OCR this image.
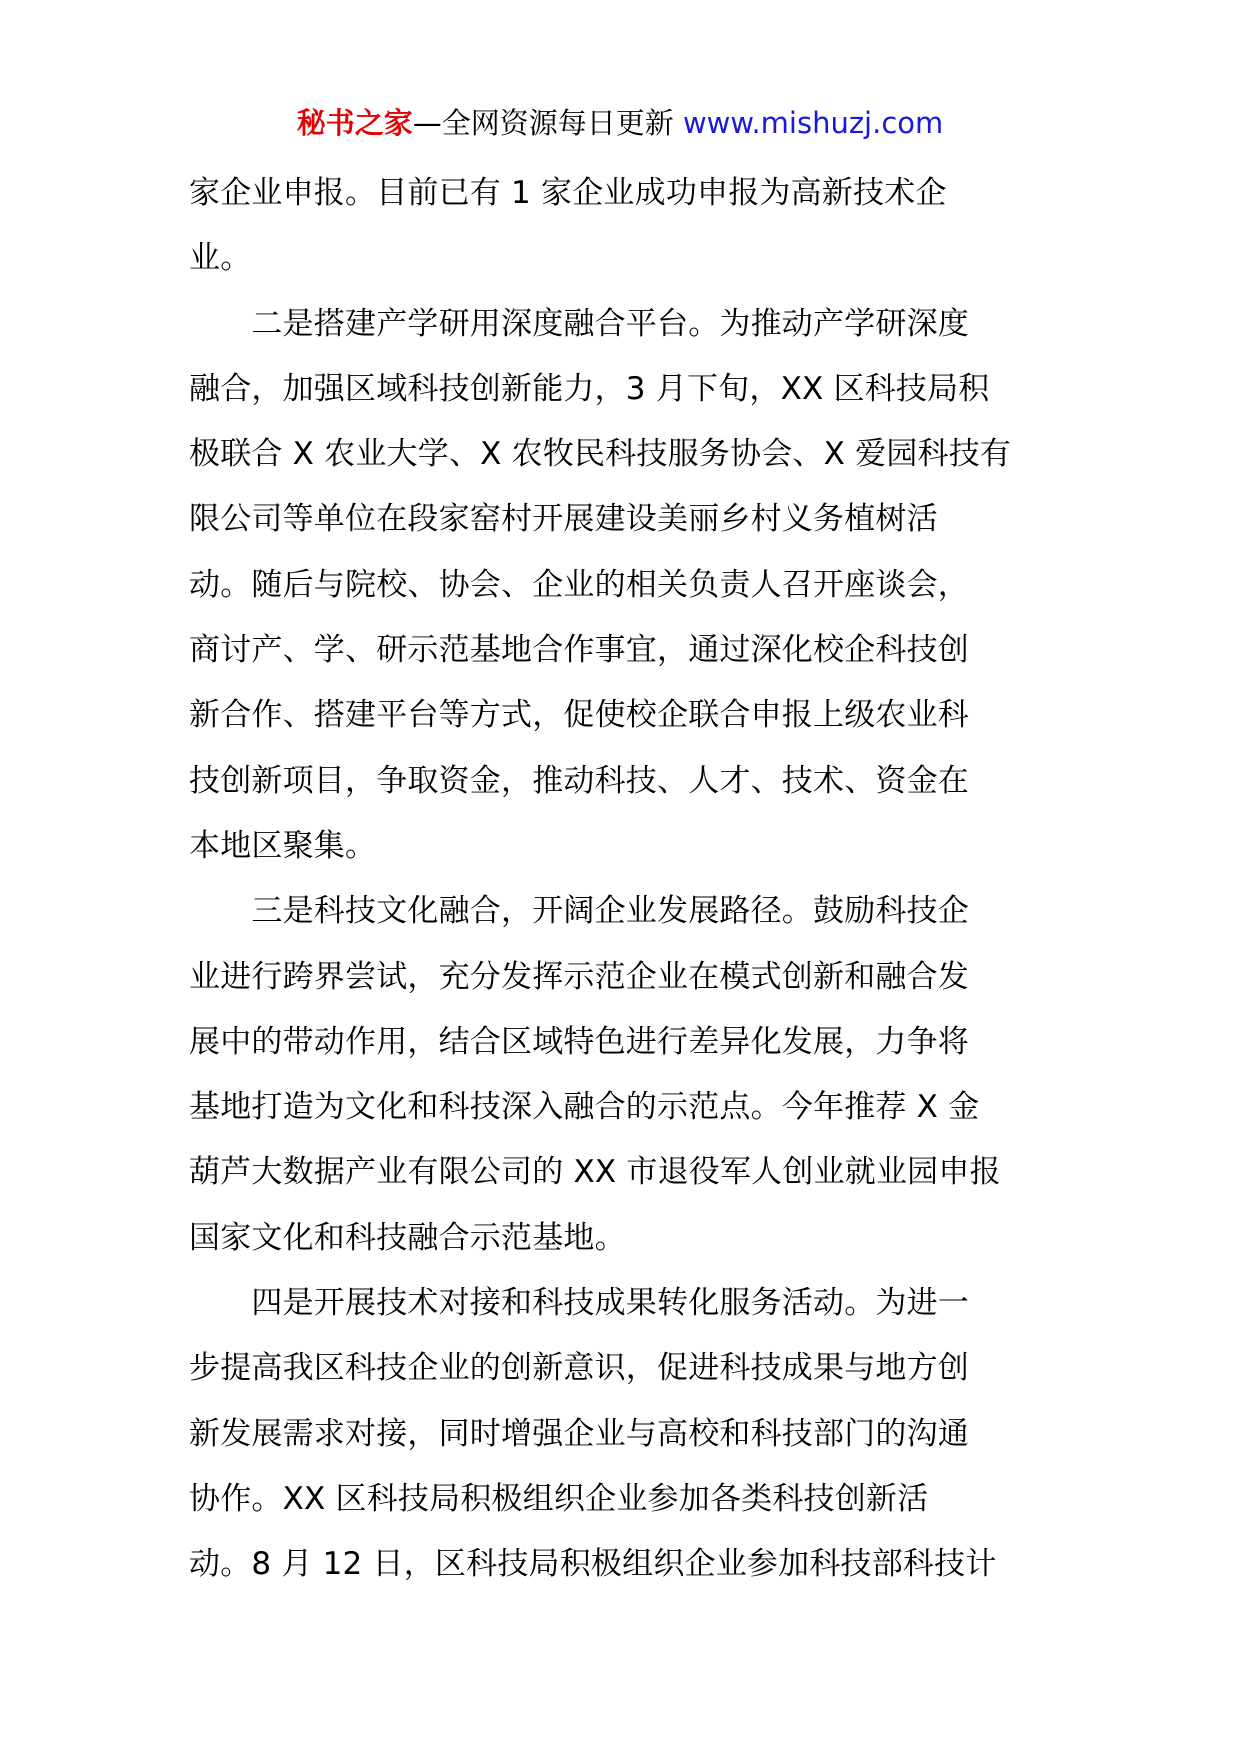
秘书之家—全网资源每日更新 www.mishuzj.com
家企业申报。目前已有 1 家企业成功申报为高新技术企
业。
　　二是搭建产学研用深度融合平台。为推动产学研深度
融合，加强区域科技创新能力，3 月下旬，XX 区科技局积
极联合 X 农业大学、X 农牧民科技服务协会、X 爱园科技有
限公司等单位在段家窑村开展建设美丽乡村义务植树活
动。随后与院校、协会、企业的相关负责人召开座谈会，
商讨产、学、研示范基地合作事宜，通过深化校企科技创
新合作、搭建平台等方式，促使校企联合申报上级农业科
技创新项目，争取资金，推动科技、人才、技术、资金在
本地区聚集。
　　三是科技文化融合，开阔企业发展路径。鼓励科技企
业进行跨界尝试，充分发挥示范企业在模式创新和融合发
展中的带动作用，结合区域特色进行差异化发展，力争将
基地打造为文化和科技深入融合的示范点。今年推荐 X 金
葫芦大数据产业有限公司的 XX 市退役军人创业就业园申报
国家文化和科技融合示范基地。
　　四是开展技术对接和科技成果转化服务活动。为进一
步提高我区科技企业的创新意识，促进科技成果与地方创
新发展需求对接，同时增强企业与高校和科技部门的沟通
协作。XX 区科技局积极组织企业参加各类科技创新活
动。8 月 12 日，区科技局积极组织企业参加科技部科技计
